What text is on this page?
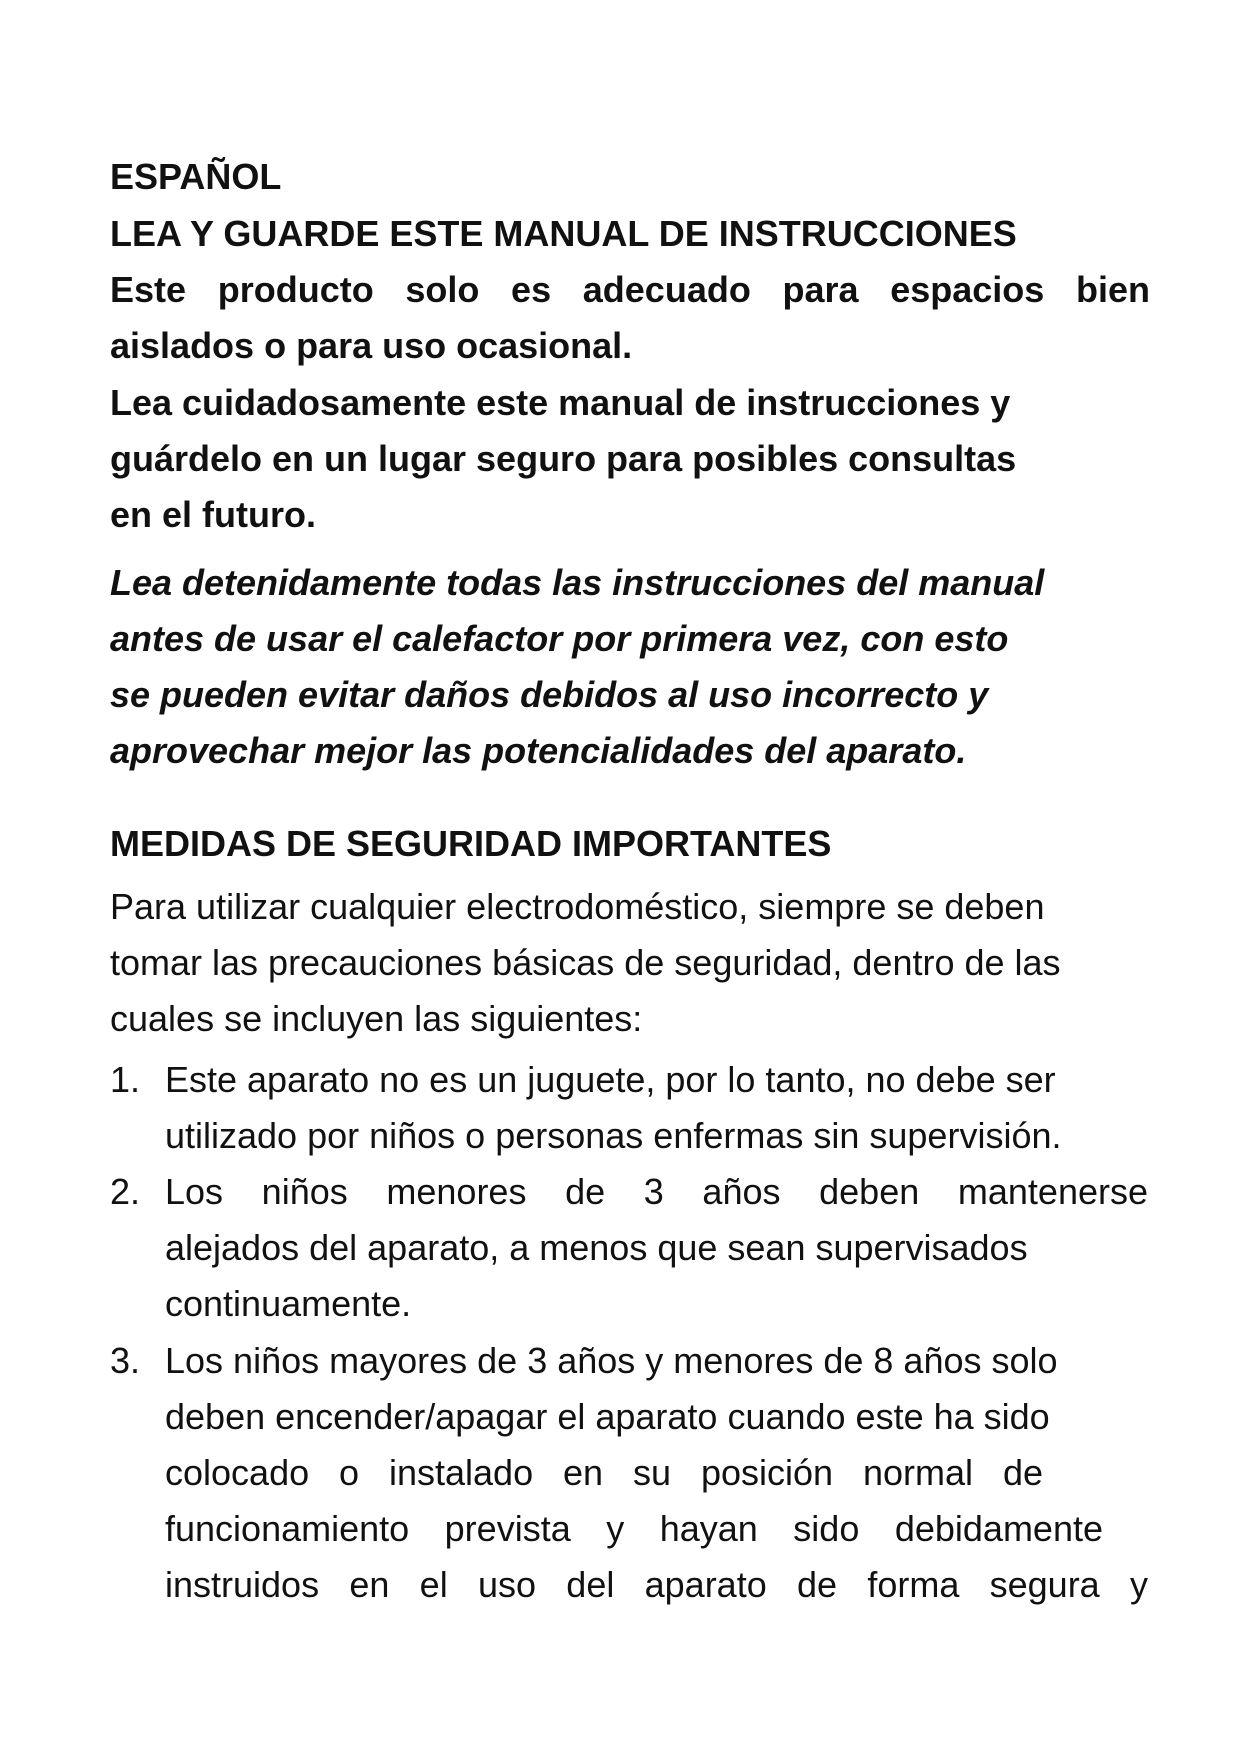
ESPAÑOL
LEA Y GUARDE ESTE MANUAL DE INSTRUCCIONES
Este producto solo es adecuado para espacios bien
aislados o para uso ocasional.
Lea cuidadosamente este manual de instrucciones y
guárdelo en un lugar seguro para posibles consultas
en el futuro.
Lea detenidamente todas las instrucciones del manual
antes de usar el calefactor por primera vez, con esto
se pueden evitar daños debidos al uso incorrecto y
aprovechar mejor las potencialidades del aparato.
MEDIDAS DE SEGURIDAD IMPORTANTES
Para utilizar cualquier electrodoméstico, siempre se deben
tomar las precauciones básicas de seguridad, dentro de las
cuales se incluyen las siguientes:
1. Este aparato no es un juguete, por lo tanto, no debe ser
utilizado por niños o personas enfermas sin supervisión.
2. Los niños menores de 3 años deben mantenerse
alejados del aparato, a menos que sean supervisados
continuamente.
3. Los niños mayores de 3 años y menores de 8 años solo
deben encender/apagar el aparato cuando este ha sido
colocado o instalado en su posición normal de
funcionamiento prevista y hayan sido debidamente
instruidos en el uso del aparato de forma segura y
